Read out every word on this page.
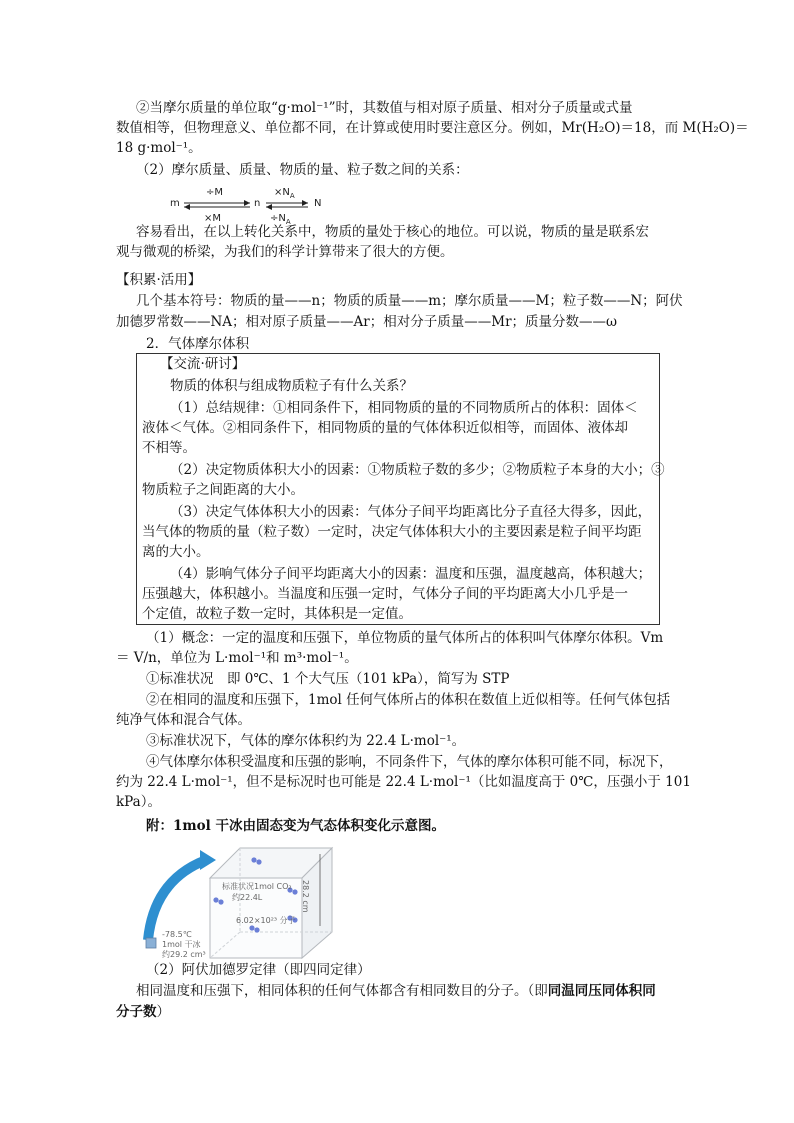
②当摩尔质量的单位取“g·mol⁻¹”时，其数值与相对原子质量、相对分子质量或式量
数值相等，但物理意义、单位都不同，在计算或使用时要注意区分。例如，Mr(H₂O)＝18，而 M(H₂O)＝
18 g·mol⁻¹。
（2）摩尔质量、质量、物质的量、粒子数之间的关系：
m	n	N
÷M
×M
$\times N_A$
$\div N_A$
容易看出，在以上转化关系中，物质的量处于核心的地位。可以说，物质的量是联系宏
观与微观的桥梁，为我们的科学计算带来了很大的方便。
【积累·活用】
几个基本符号：物质的量——n；物质的质量——m；摩尔质量——M；粒子数——N；阿伏
加德罗常数——NA；相对原子质量——Ar；相对分子质量——Mr；质量分数——ω
2．气体摩尔体积
【交流·研讨】
物质的体积与组成物质粒子有什么关系？
（1）总结规律：①相同条件下，相同物质的量的不同物质所占的体积：固体＜
液体＜气体。②相同条件下，相同物质的量的气体体积近似相等，而固体、液体却
不相等。
（2）决定物质体积大小的因素：①物质粒子数的多少；②物质粒子本身的大小；③
物质粒子之间距离的大小。
（3）决定气体体积大小的因素：气体分子间平均距离比分子直径大得多，因此，
当气体的物质的量（粒子数）一定时，决定气体体积大小的主要因素是粒子间平均距
离的大小。
（4）影响气体分子间平均距离大小的因素：温度和压强，温度越高，体积越大；
压强越大，体积越小。当温度和压强一定时，气体分子间的平均距离大小几乎是一
个定值，故粒子数一定时，其体积是一定值。
（1）概念：一定的温度和压强下，单位物质的量气体所占的体积叫气体摩尔体积。Vm
＝ V/n，单位为 L·mol⁻¹和 m³·mol⁻¹。
①标准状况　即 0℃、1 个大气压（101 kPa），简写为 STP
②在相同的温度和压强下，1mol 任何气体所占的体积在数值上近似相等。任何气体包括
纯净气体和混合气体。
③标准状况下，气体的摩尔体积约为 22.4 L·mol⁻¹。
④气体摩尔体积受温度和压强的影响，不同条件下，气体的摩尔体积可能不同，标况下，
约为 22.4 L·mol⁻¹，但不是标况时也可能是 22.4 L·mol⁻¹（比如温度高于 0℃，压强小于 101
kPa）。
附：1mol 干冰由固态变为气态体积变化示意图。
S→蒸发ΔH	标准状况1mol CO₂
约22.4L
6.02×10²³ 分子
28.2 cm
-78.5℃
1mol 干冰
约29.2 cm³
（2）阿伏加德罗定律（即四同定律）
相同温度和压强下，相同体积的任何气体都含有相同数目的分子。（即同温同压同体积同
分子数）
